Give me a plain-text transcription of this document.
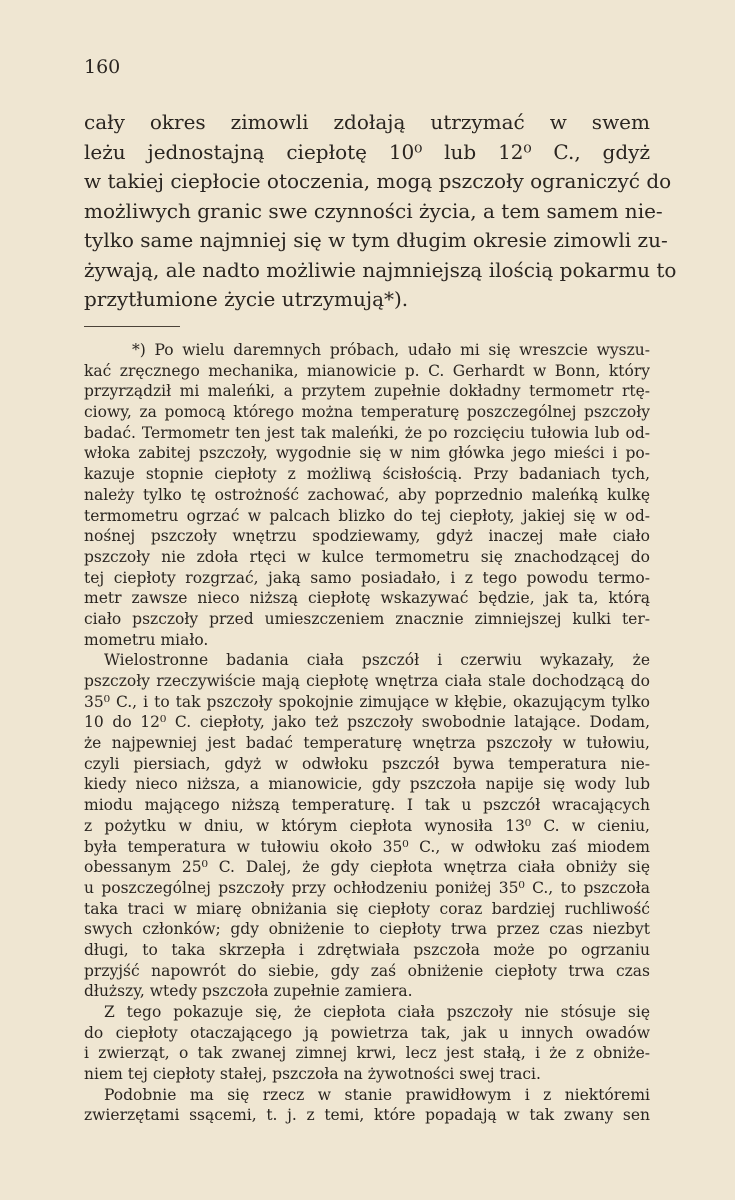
160
cały okres zimowli zdołają utrzymać w swem
leżu jednostajną ciepłotę 10⁰ lub 12⁰ C., gdyż
w takiej ciepłocie otoczenia, mogą pszczoły ograniczyć do
możliwych granic swe czynności życia, a tem samem nie-
tylko same najmniej się w tym długim okresie zimowli zu-
żywają, ale nadto możliwie najmniejszą ilością pokarmu to
przytłumione życie utrzymują*).
*) Po wielu daremnych próbach, udało mi się wreszcie wyszu-
kać zręcznego mechanika, mianowicie p. C. Gerhardt w Bonn, który
przyrządził mi maleńki, a przytem zupełnie dokładny termometr rtę-
ciowy, za pomocą którego można temperaturę poszczególnej pszczoły
badać. Termometr ten jest tak maleńki, że po rozcięciu tułowia lub od-
włoka zabitej pszczoły, wygodnie się w nim główka jego mieści i po-
kazuje stopnie ciepłoty z możliwą ścisłością. Przy badaniach tych,
należy tylko tę ostrożność zachować, aby poprzednio maleńką kulkę
termometru ogrzać w palcach blizko do tej ciepłoty, jakiej się w od-
nośnej pszczoły wnętrzu spodziewamy, gdyż inaczej małe ciało
pszczoły nie zdoła rtęci w kulce termometru się znachodzącej do
tej ciepłoty rozgrzać, jaką samo posiadało, i z tego powodu termo-
metr zawsze nieco niższą ciepłotę wskazywać będzie, jak ta, którą
ciało pszczoły przed umieszczeniem znacznie zimniejszej kulki ter-
mometru miało.
Wielostronne badania ciała pszczół i czerwiu wykazały, że
pszczoły rzeczywiście mają ciepłotę wnętrza ciała stale dochodzącą do
35⁰ C., i to tak pszczoły spokojnie zimujące w kłębie, okazującym tylko
10 do 12⁰ C. ciepłoty, jako też pszczoły swobodnie latające. Dodam,
że najpewniej jest badać temperaturę wnętrza pszczoły w tułowiu,
czyli piersiach, gdyż w odwłoku pszczół bywa temperatura nie-
kiedy nieco niższa, a mianowicie, gdy pszczoła napije się wody lub
miodu mającego niższą temperaturę. I tak u pszczół wracających
z pożytku w dniu, w którym ciepłota wynosiła 13⁰ C. w cieniu,
była temperatura w tułowiu około 35⁰ C., w odwłoku zaś miodem
obessanym 25⁰ C. Dalej, że gdy ciepłota wnętrza ciała obniży się
u poszczególnej pszczoły przy ochłodzeniu poniżej 35⁰ C., to pszczoła
taka traci w miarę obniżania się ciepłoty coraz bardziej ruchliwość
swych członków; gdy obniżenie to ciepłoty trwa przez czas niezbyt
długi, to taka skrzepła i zdrętwiała pszczoła może po ogrzaniu
przyjść napowrót do siebie, gdy zaś obniżenie ciepłoty trwa czas
dłuższy, wtedy pszczoła zupełnie zamiera.
Z tego pokazuje się, że ciepłota ciała pszczoły nie stósuje się
do ciepłoty otaczającego ją powietrza tak, jak u innych owadów
i zwierząt, o tak zwanej zimnej krwi, lecz jest stałą, i że z obniże-
niem tej ciepłoty stałej, pszczoła na żywotności swej traci.
Podobnie ma się rzecz w stanie prawidłowym i z niektóremi
zwierzętami ssącemi, t. j. z temi, które popadają w tak zwany sen
